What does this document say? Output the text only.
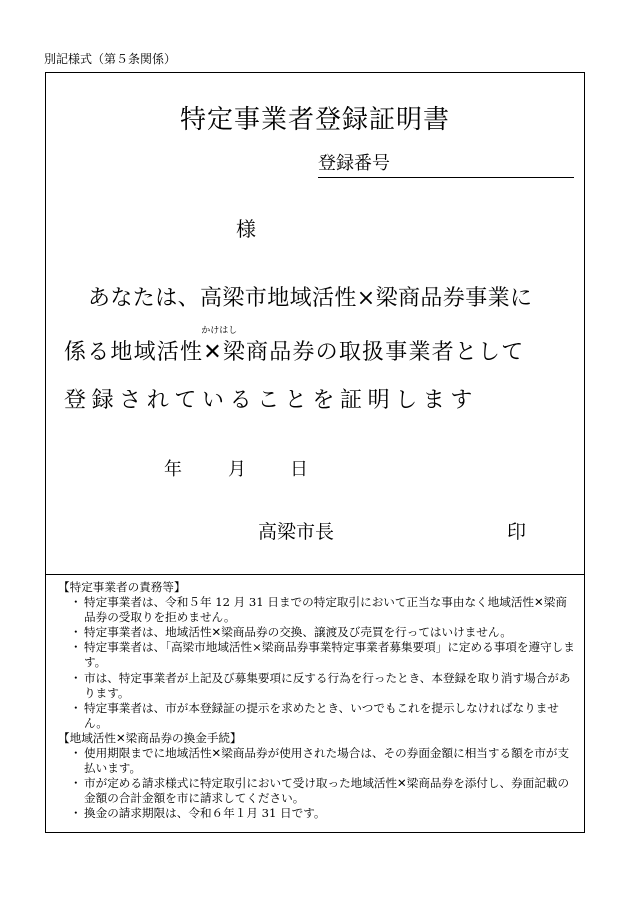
別記様式（第５条関係）
特定事業者登録証明書
登録番号
様
あなたは、高梁市地域活性×梁商品券事業に
係る地域活性
かけはし
✕梁商品券の取扱事業者として
登録されていることを証明します
年	月 日
高梁市長	印
【特定事業者の責務等】
・ 特定事業者は、令和５年 12 月 31 日までの特定取引において正当な事由なく地域活性✕梁商品券の受取りを拒めません。
・ 特定事業者は、地域活性✕梁商品券の交換、譲渡及び売買を行ってはいけません。
・ 特定事業者は、「高梁市地域活性×梁商品券事業特定事業者募集要項」に定める事項を遵守します。
・ 市は、特定事業者が上記及び募集要項に反する行為を行ったとき、本登録を取り消す場合があります。
・ 特定事業者は、市が本登録証の提示を求めたとき、いつでもこれを提示しなければなりません。
【地域活性✕梁商品券の換金手続】
・ 使用期限までに地域活性✕梁商品券が使用された場合は、その券面金額に相当する額を市が支払います。
・ 市が定める請求様式に特定取引において受け取った地域活性✕梁商品券を添付し、券面記載の金額の合計金額を市に請求してください。
・ 換金の請求期限は、令和６年１月 31 日です。
